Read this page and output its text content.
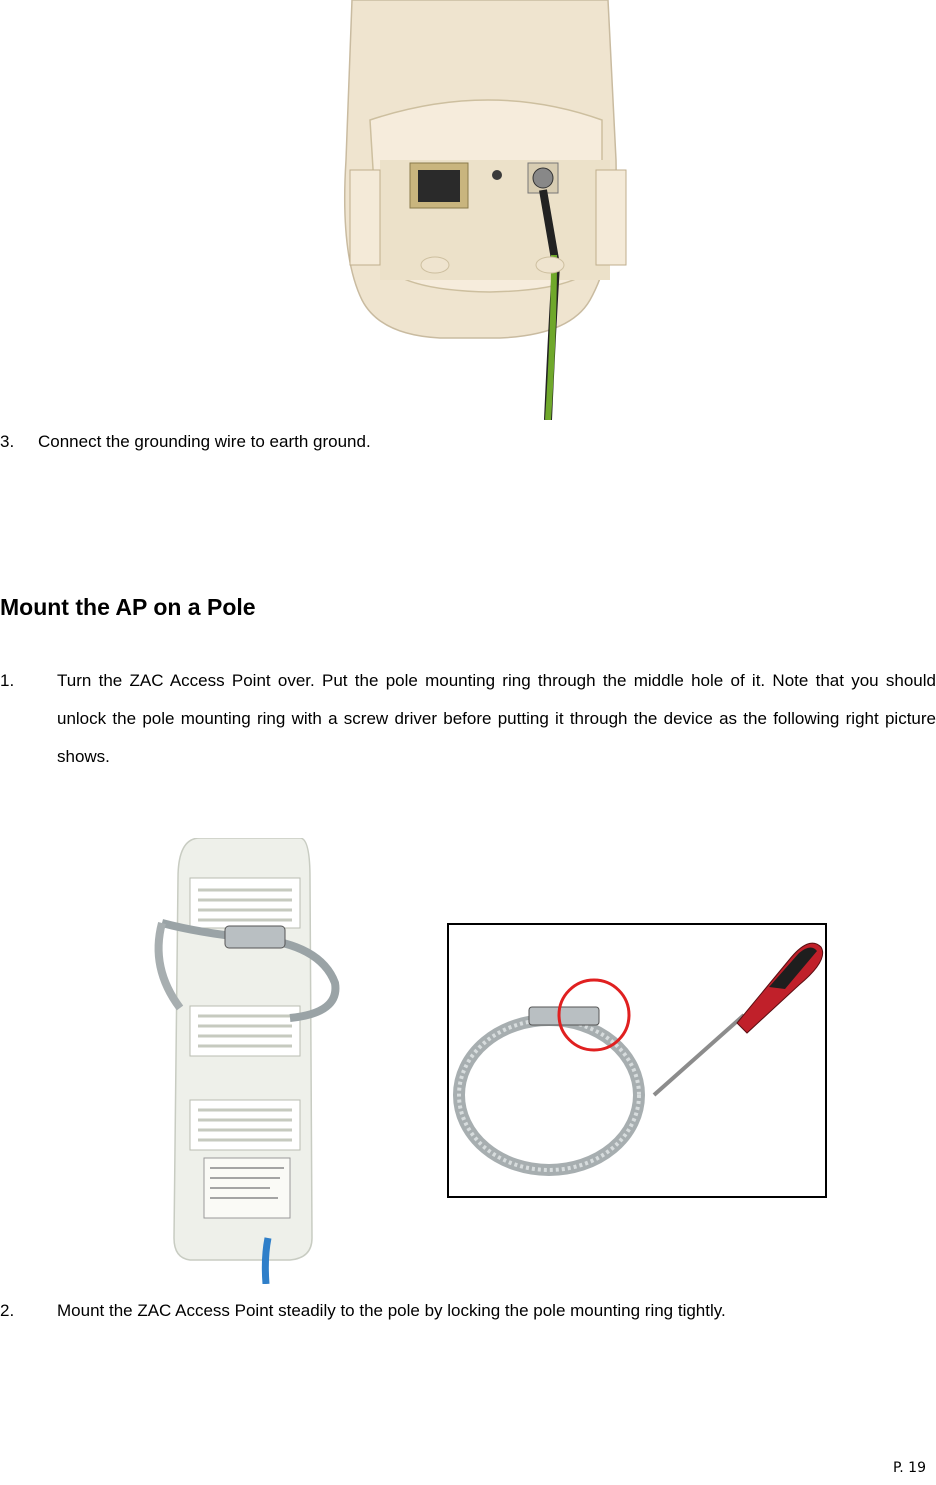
3. Connect the grounding wire to earth ground.
Mount the AP on a Pole
1.	Turn the ZAC Access Point over. Put the pole mounting ring through the middle hole of it. Note that you should unlock the pole mounting ring with a screw driver before putting it through the device as the following right picture shows.
2.	Mount the ZAC Access Point steadily to the pole by locking the pole mounting ring tightly.
P. 19
